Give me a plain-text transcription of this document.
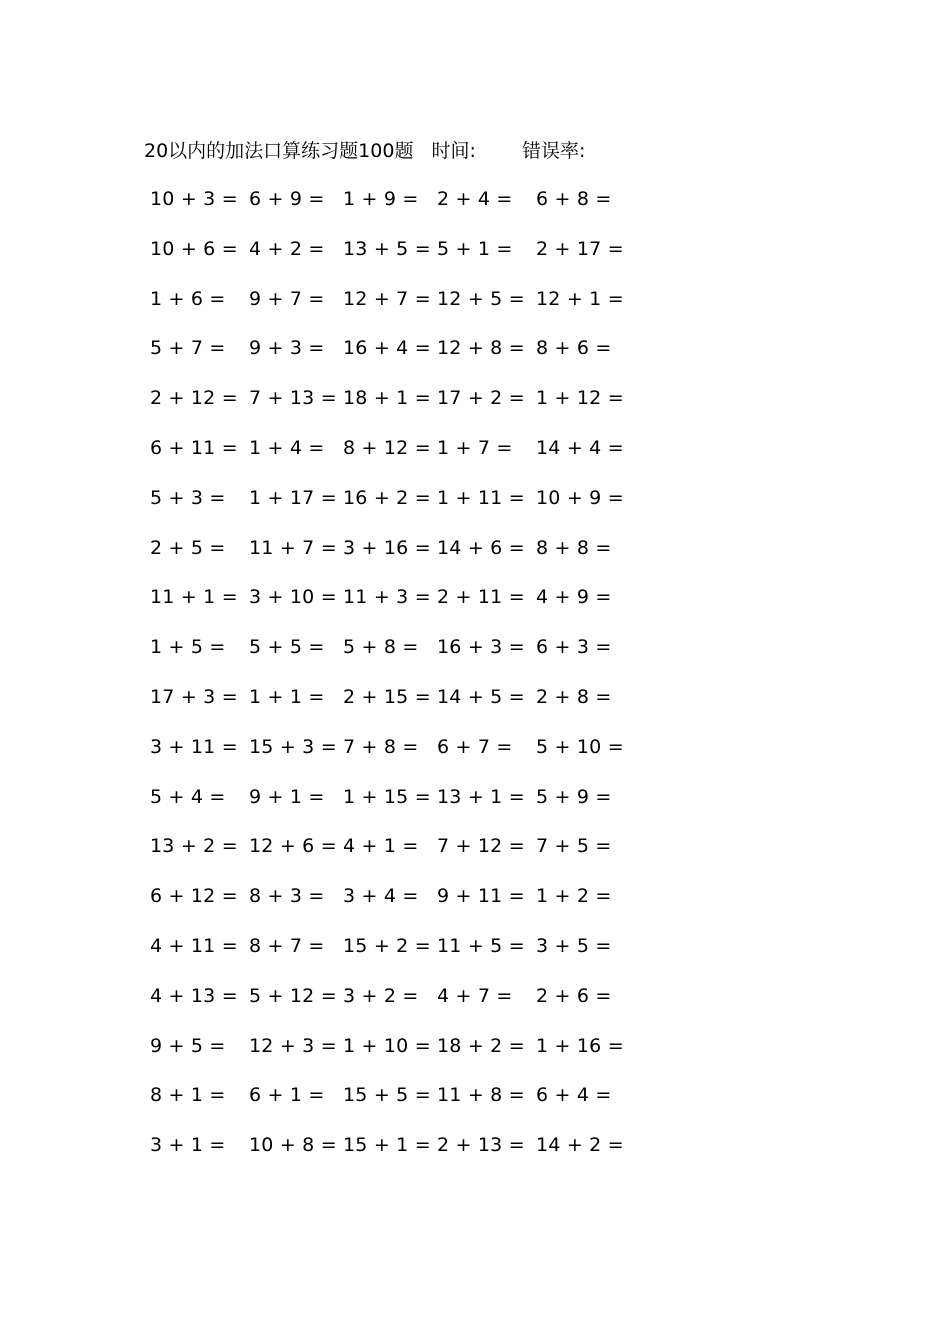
20以内的加法口算练习题100题 时间: 错误率:
10 + 3 = 6 + 9 = 1 + 9 = 2 + 4 = 6 + 8 =
10 + 6 = 4 + 2 = 13 + 5 = 5 + 1 = 2 + 17 =
1 + 6 = 9 + 7 = 12 + 7 = 12 + 5 = 12 + 1 =
5 + 7 = 9 + 3 = 16 + 4 = 12 + 8 = 8 + 6 =
2 + 12 = 7 + 13 = 18 + 1 = 17 + 2 = 1 + 12 =
6 + 11 = 1 + 4 = 8 + 12 = 1 + 7 = 14 + 4 =
5 + 3 = 1 + 17 = 16 + 2 = 1 + 11 = 10 + 9 =
2 + 5 = 11 + 7 = 3 + 16 = 14 + 6 = 8 + 8 =
11 + 1 = 3 + 10 = 11 + 3 = 2 + 11 = 4 + 9 =
1 + 5 = 5 + 5 = 5 + 8 = 16 + 3 = 6 + 3 =
17 + 3 = 1 + 1 = 2 + 15 = 14 + 5 = 2 + 8 =
3 + 11 = 15 + 3 = 7 + 8 = 6 + 7 = 5 + 10 =
5 + 4 = 9 + 1 = 1 + 15 = 13 + 1 = 5 + 9 =
13 + 2 = 12 + 6 = 4 + 1 = 7 + 12 = 7 + 5 =
6 + 12 = 8 + 3 = 3 + 4 = 9 + 11 = 1 + 2 =
4 + 11 = 8 + 7 = 15 + 2 = 11 + 5 = 3 + 5 =
4 + 13 = 5 + 12 = 3 + 2 = 4 + 7 = 2 + 6 =
9 + 5 = 12 + 3 = 1 + 10 = 18 + 2 = 1 + 16 =
8 + 1 = 6 + 1 = 15 + 5 = 11 + 8 = 6 + 4 =
3 + 1 = 10 + 8 = 15 + 1 = 2 + 13 = 14 + 2 =
